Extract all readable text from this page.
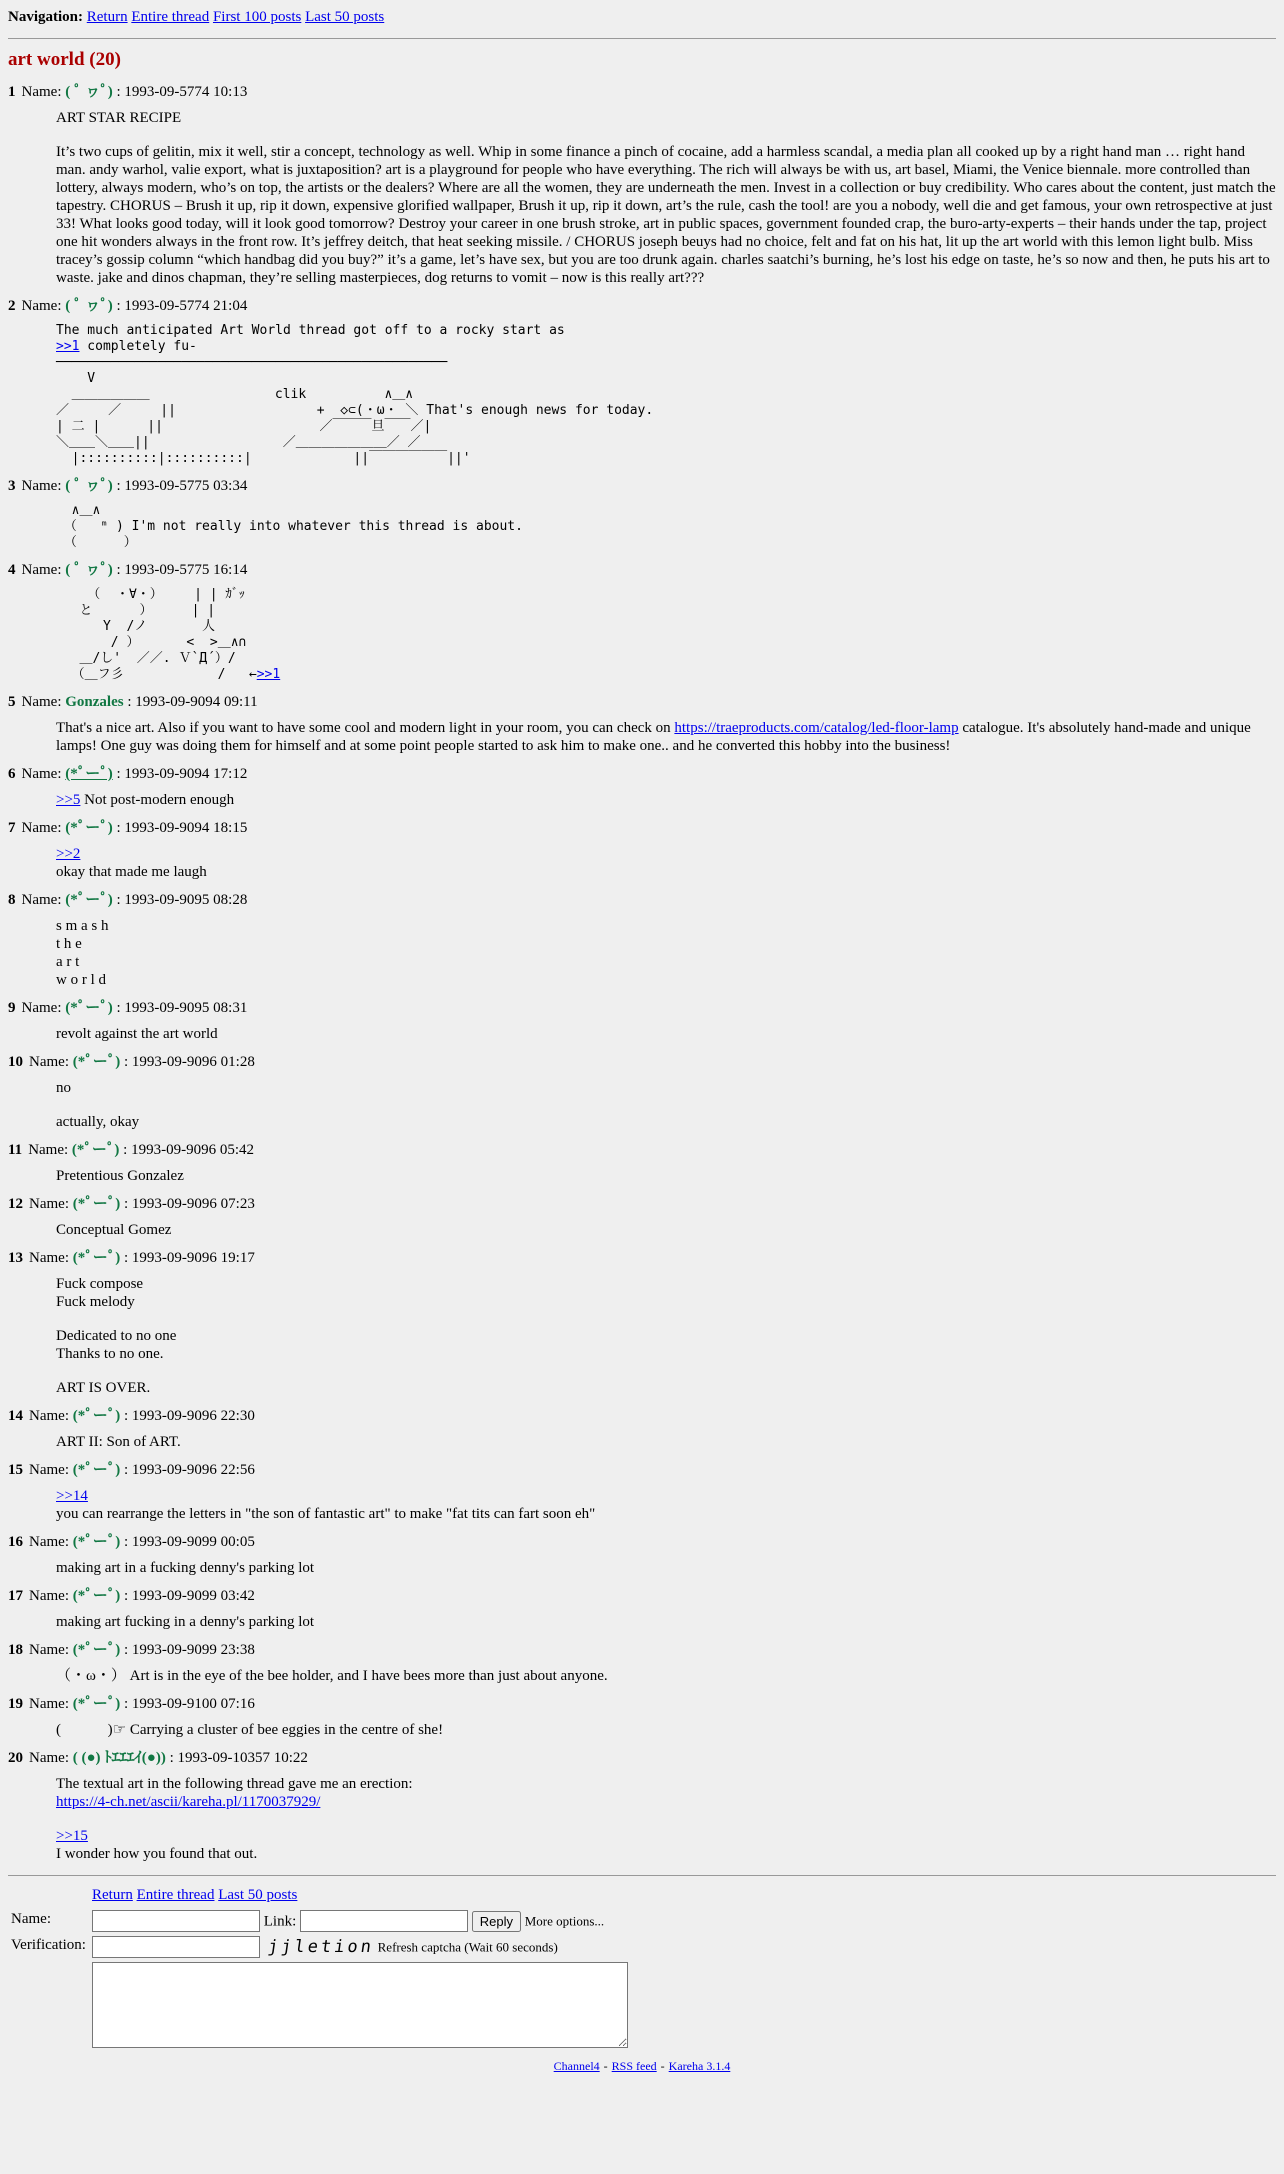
Navigation: Return Entire thread First 100 posts Last 50 posts
art world (20)
1 Name: ( ﾟ ヮﾟ) : 1993-09-5774 10:13

ART STAR RECIPE

It’s two cups of gelitin, mix it well, stir a concept, technology as well. Whip in some finance a pinch of cocaine, add a harmless scandal, a media plan all cooked up by a right hand man … right hand man. andy warhol, valie export, what is juxtaposition? art is a playground for people who have everything. The rich will always be with us, art basel, Miami, the Venice biennale. more controlled than lottery, always modern, who’s on top, the artists or the dealers? Where are all the women, they are underneath the men. Invest in a collection or buy credibility. Who cares about the content, just match the tapestry. CHORUS – Brush it up, rip it down, expensive glorified wallpaper, Brush it up, rip it down, art’s the rule, cash the tool! are you a nobody, well die and get famous, your own retrospective at just 33! What looks good today, will it look good tomorrow? Destroy your career in one brush stroke, art in public spaces, government founded crap, the buro-arty-experts – their hands under the tap, project one hit wonders always in the front row. It’s jeffrey deitch, that heat seeking missile. / CHORUS joseph beuys had no choice, felt and fat on his hat, lit up the art world with this lemon light bulb. Miss tracey’s gossip column “which handbag did you buy?” it’s a game, let’s have sex, but you are too drunk again. charles saatchi’s burning, he’s lost his edge on taste, he’s so now and then, he puts his art to waste. jake and dinos chapman, they’re selling masterpieces, dog returns to vomit – now is this really art???

2 Name: ( ﾟ ヮﾟ) : 1993-09-5774 21:04
The much anticipated Art World thread got off to a rocky start as
>>1 completely fu-
──────────────────────────────────────────────────
V
＿＿＿＿＿＿                clik          ∧＿∧
／     ／     ||                  +  ◇⊂(・ω・ ＼ That's enough news for today.
| 二 |      ||                    ／￣￣￣旦￣￣／|
＼＿＿＼＿＿||                 ／＿＿＿＿＿＿＿／ ／
|::::::::::|::::::::::|             ||￣￣￣￣￣￣||'
3 Name: ( ﾟ ヮﾟ) : 1993-09-5775 03:34
∧＿∧
（   ᵐ ) I'm not really into whatever this thread is about.
（      ）
4 Name: ( ﾟ ヮﾟ) : 1993-09-5775 16:14
（  ・∀・）    | | ｶﾞｯ
と      ）     | |
Y  /ノ       人
/ ）      <  >＿∧∩
＿/し'  ／／. Ｖ`Д´）/
（＿フ彡            /   ←>>1
5 Name: Gonzales : 1993-09-9094 09:11

That's a nice art. Also if you want to have some cool and modern light in your room, you can check on https://traeproducts.com/catalog/led-floor-lamp catalogue. It's absolutely hand-made and unique lamps! One guy was doing them for himself and at some point people started to ask him to make one.. and he converted this hobby into the business!

6 Name: (*ﾟーﾟ) : 1993-09-9094 17:12

>>5 Not post-modern enough

7 Name: (*ﾟーﾟ) : 1993-09-9094 18:15

>>2
okay that made me laugh

8 Name: (*ﾟーﾟ) : 1993-09-9095 08:28

s m a s h
t h e
a r t
w o r l d

9 Name: (*ﾟーﾟ) : 1993-09-9095 08:31

revolt against the art world

10 Name: (*ﾟーﾟ) : 1993-09-9096 01:28

no

actually, okay

11 Name: (*ﾟーﾟ) : 1993-09-9096 05:42

Pretentious Gonzalez

12 Name: (*ﾟーﾟ) : 1993-09-9096 07:23

Conceptual Gomez

13 Name: (*ﾟーﾟ) : 1993-09-9096 19:17

Fuck compose
Fuck melody

Dedicated to no one
Thanks to no one.

ART IS OVER.

14 Name: (*ﾟーﾟ) : 1993-09-9096 22:30

ART II: Son of ART.

15 Name: (*ﾟーﾟ) : 1993-09-9096 22:56

>>14
you can rearrange the letters in "the son of fantastic art" to make "fat tits can fart soon eh"

16 Name: (*ﾟーﾟ) : 1993-09-9099 00:05

making art in a fucking denny's parking lot

17 Name: (*ﾟーﾟ) : 1993-09-9099 03:42

making art fucking in a denny's parking lot

18 Name: (*ﾟーﾟ) : 1993-09-9099 23:38

（・ω・） Art is in the eye of the bee holder, and I have bees more than just about anyone.

19 Name: (*ﾟーﾟ) : 1993-09-9100 07:16

(☞ﾟ∀ﾟ)☞ Carrying a cluster of bee eggies in the centre of she!

20 Name: ( (●) ﾄｴｴｴｲ(●)) : 1993-09-10357 10:22

The textual art in the following thread gave me an erection:
https://4-ch.net/ascii/kareha.pl/1170037929/

>>15
I wonder how you found that out.

Return Entire thread Last 50 posts
Name:	Link: Reply More options...
Verification:	jjletion Refresh captcha (Wait 60 seconds)

Channel4 - RSS feed - Kareha 3.1.4
